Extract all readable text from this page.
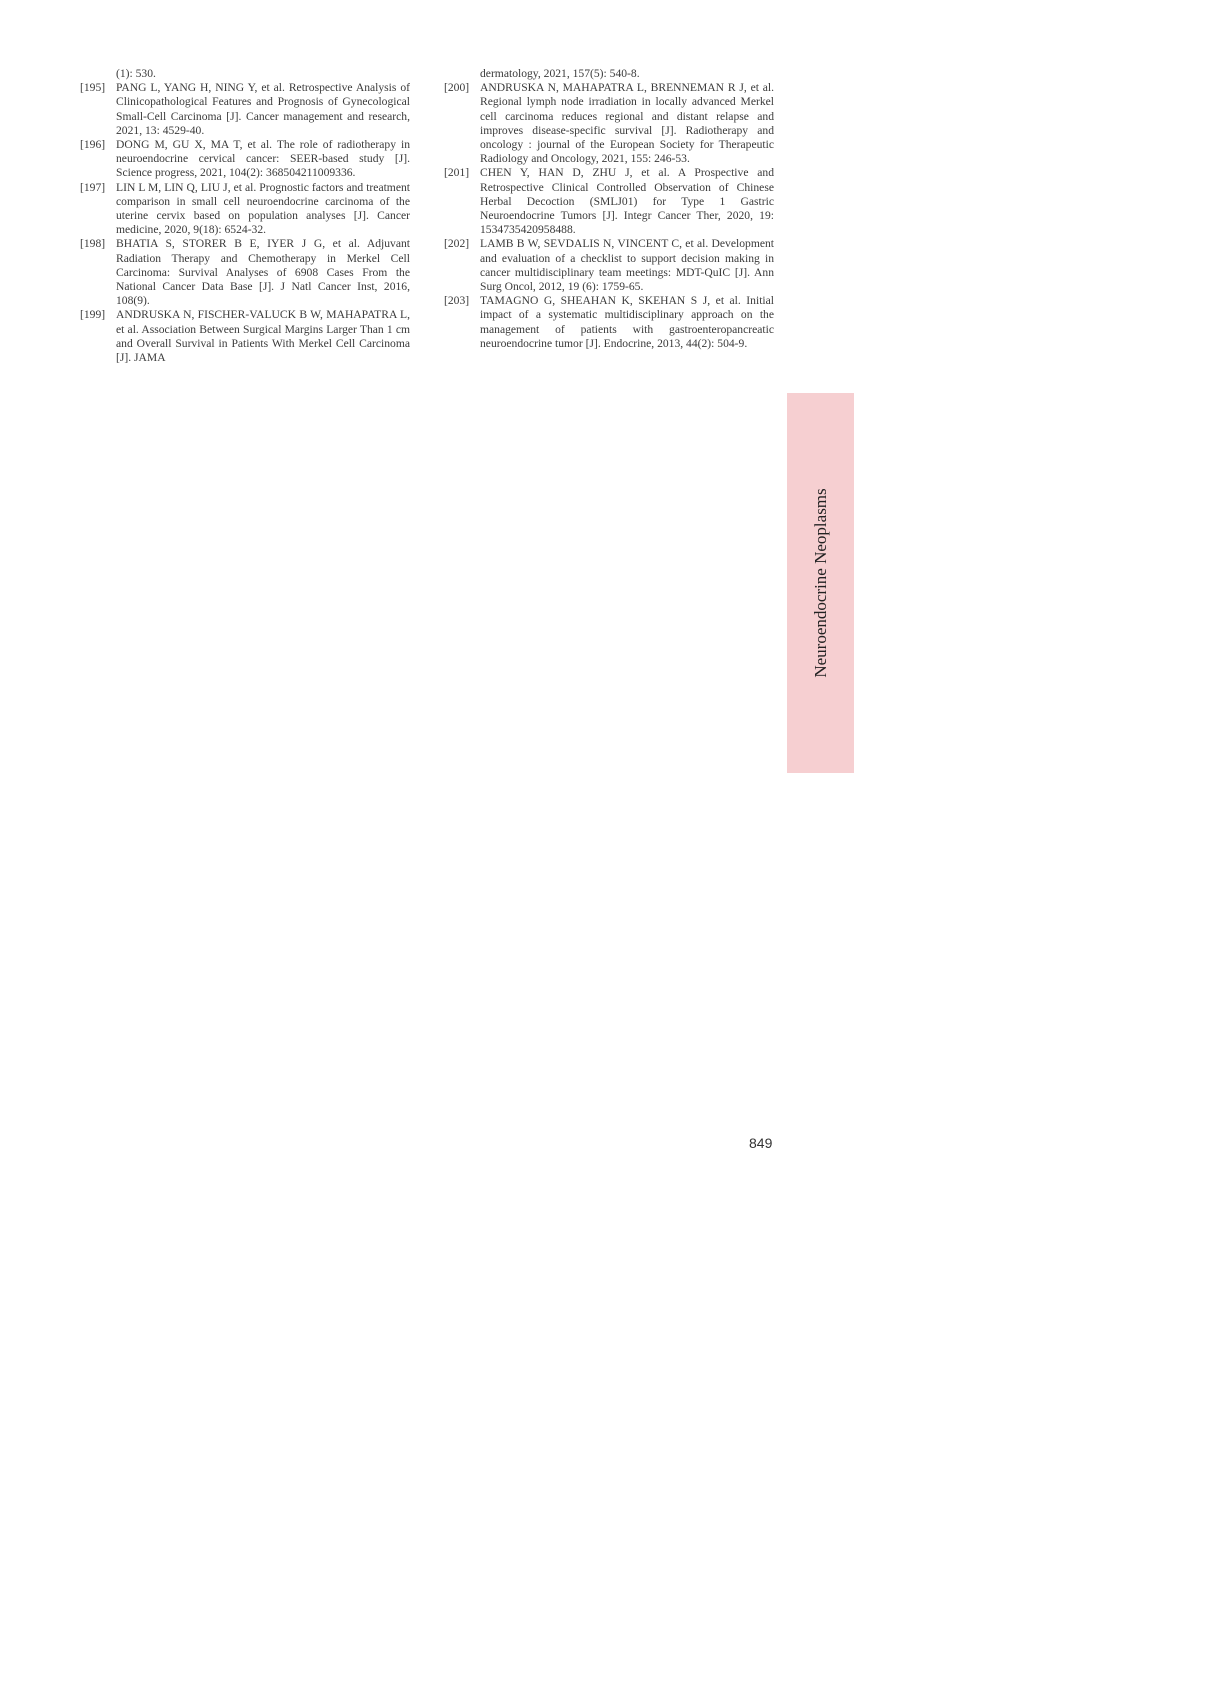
(1): 530.

[195] PANG L, YANG H, NING Y, et al. Retrospective Analysis of Clinicopathological Features and Prognosis of Gynecological Small-Cell Carcinoma [J]. Cancer management and research, 2021, 13: 4529-40.

[196] DONG M, GU X, MA T, et al. The role of radiotherapy in neuroendocrine cervical cancer: SEER-based study [J]. Science progress, 2021, 104(2): 368504211009336.

[197] LIN L M, LIN Q, LIU J, et al. Prognostic factors and treatment comparison in small cell neuroendocrine carcinoma of the uterine cervix based on population analyses [J]. Cancer medicine, 2020, 9(18): 6524-32.

[198] BHATIA S, STORER B E, IYER J G, et al. Adjuvant Radiation Therapy and Chemotherapy in Merkel Cell Carcinoma: Survival Analyses of 6908 Cases From the National Cancer Data Base [J]. J Natl Cancer Inst, 2016, 108(9).

[199] ANDRUSKA N, FISCHER-VALUCK B W, MAHAPATRA L, et al. Association Between Surgical Margins Larger Than 1 cm and Overall Survival in Patients With Merkel Cell Carcinoma [J]. JAMA

dermatology, 2021, 157(5): 540-8.

[200] ANDRUSKA N, MAHAPATRA L, BRENNEMAN R J, et al. Regional lymph node irradiation in locally advanced Merkel cell carcinoma reduces regional and distant relapse and improves disease-specific survival [J]. Radiotherapy and oncology : journal of the European Society for Therapeutic Radiology and Oncology, 2021, 155: 246-53.

[201] CHEN Y, HAN D, ZHU J, et al. A Prospective and Retrospective Clinical Controlled Observation of Chinese Herbal Decoction (SMLJ01) for Type 1 Gastric Neuroendocrine Tumors [J]. Integr Cancer Ther, 2020, 19: 1534735420958488.

[202] LAMB B W, SEVDALIS N, VINCENT C, et al. Development and evaluation of a checklist to support decision making in cancer multidisciplinary team meetings: MDT-QuIC [J]. Ann Surg Oncol, 2012, 19 (6): 1759-65.

[203] TAMAGNO G, SHEAHAN K, SKEHAN S J, et al. Initial impact of a systematic multidisciplinary approach on the management of patients with gastroenteropancreatic neuroendocrine tumor [J]. Endocrine, 2013, 44(2): 504-9.

Neuroendocrine Neoplasms
849
